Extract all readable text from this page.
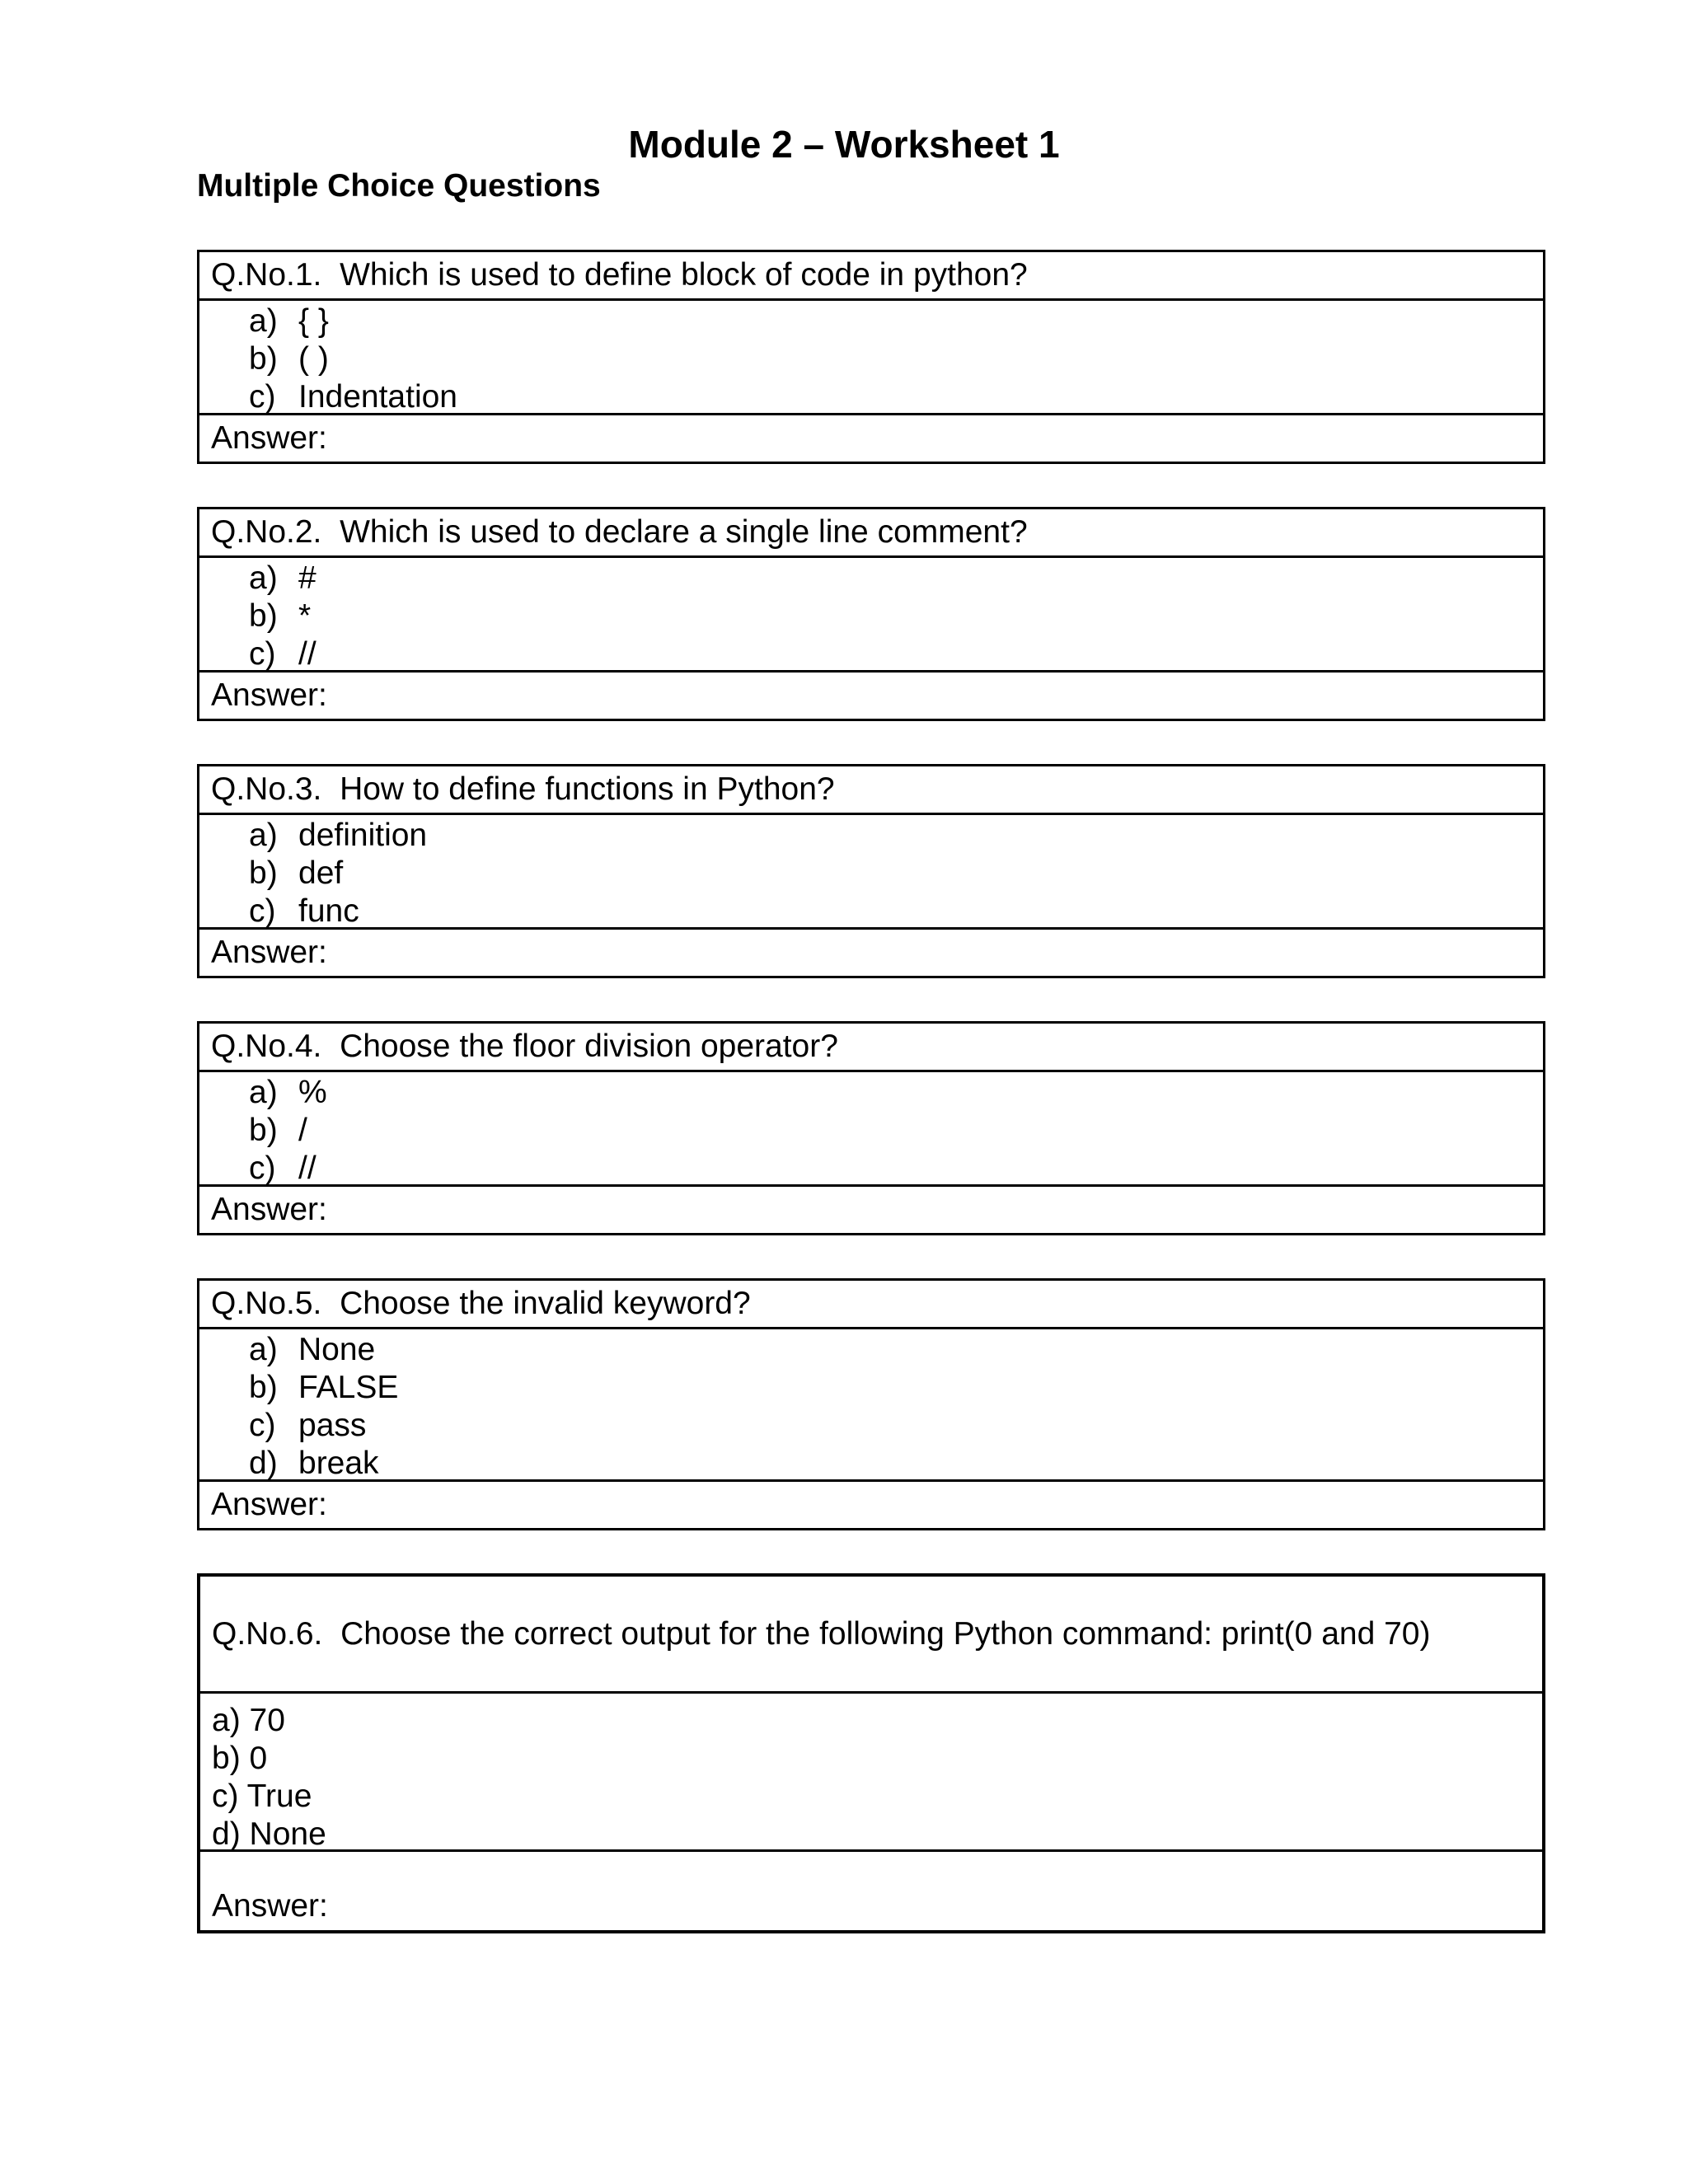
Module 2 – Worksheet 1
Multiple Choice Questions
Q.No.1.
Which is used to define block of code in python?
a) { }
b) ( )
c) Indentation
Answer:
Q.No.2.
Which is used to declare a single line comment?
a) #
b) *
c) //
Answer:
Q.No.3.
How to define functions in Python?
a) definition
b) def
c) func
Answer:
Q.No.4.
Choose the floor division operator?
a) %
b) /
c) //
Answer:
Q.No.5.
Choose the invalid keyword?
a) None
b) FALSE
c) pass
d) break
Answer:
Q.No.6.
Choose the correct output for the following Python command: print(0 and 70)
a) 70
b) 0
c) True
d) None
Answer:
